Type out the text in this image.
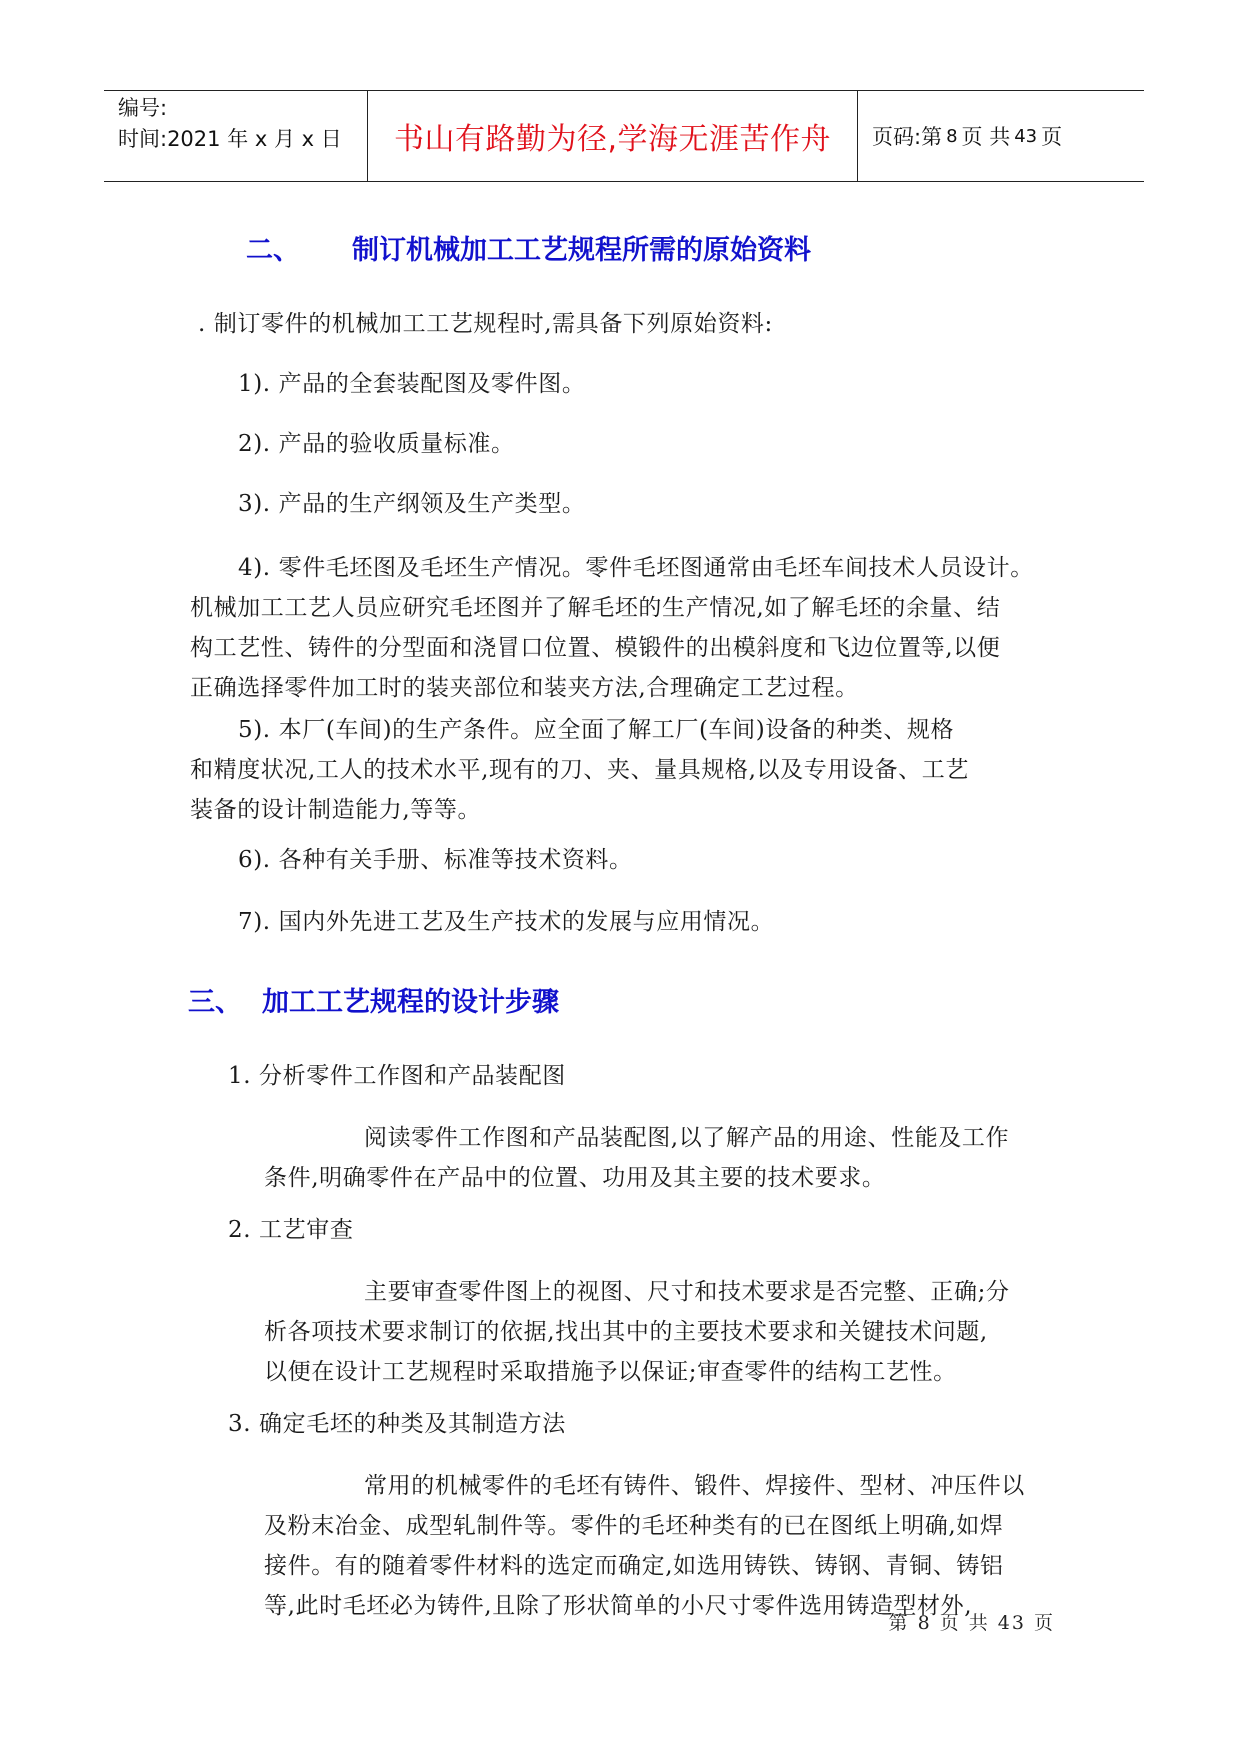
编号:
时间:2021 年 x 月 x 日	书山有路勤为径,学海无涯苦作舟	页码:第 8 页 共 43 页
二、 制订机械加工工艺规程所需的原始资料
. 制订零件的机械加工工艺规程时,需具备下列原始资料:
1). 产品的全套装配图及零件图。
2). 产品的验收质量标准。
3). 产品的生产纲领及生产类型。
4). 零件毛坯图及毛坯生产情况。零件毛坯图通常由毛坯车间技术人员设计。
机械加工工艺人员应研究毛坯图并了解毛坯的生产情况,如了解毛坯的余量、结
构工艺性、铸件的分型面和浇冒口位置、模锻件的出模斜度和飞边位置等,以便
正确选择零件加工时的装夹部位和装夹方法,合理确定工艺过程。
5). 本厂(车间)的生产条件。应全面了解工厂(车间)设备的种类、规格
和精度状况,工人的技术水平,现有的刀、夹、量具规格,以及专用设备、工艺
装备的设计制造能力,等等。
6). 各种有关手册、标准等技术资料。
7). 国内外先进工艺及生产技术的发展与应用情况。
三、 加工工艺规程的设计步骤
1. 分析零件工作图和产品装配图
阅读零件工作图和产品装配图,以了解产品的用途、性能及工作
条件,明确零件在产品中的位置、功用及其主要的技术要求。
2. 工艺审查
主要审查零件图上的视图、尺寸和技术要求是否完整、正确;分
析各项技术要求制订的依据,找出其中的主要技术要求和关键技术问题,
以便在设计工艺规程时采取措施予以保证;审查零件的结构工艺性。
3. 确定毛坯的种类及其制造方法
常用的机械零件的毛坯有铸件、锻件、焊接件、型材、冲压件以
及粉末冶金、成型轧制件等。零件的毛坯种类有的已在图纸上明确,如焊
接件。有的随着零件材料的选定而确定,如选用铸铁、铸钢、青铜、铸铝
等,此时毛坯必为铸件,且除了形状简单的小尺寸零件选用铸造型材外,
第 8 页 共 43 页
